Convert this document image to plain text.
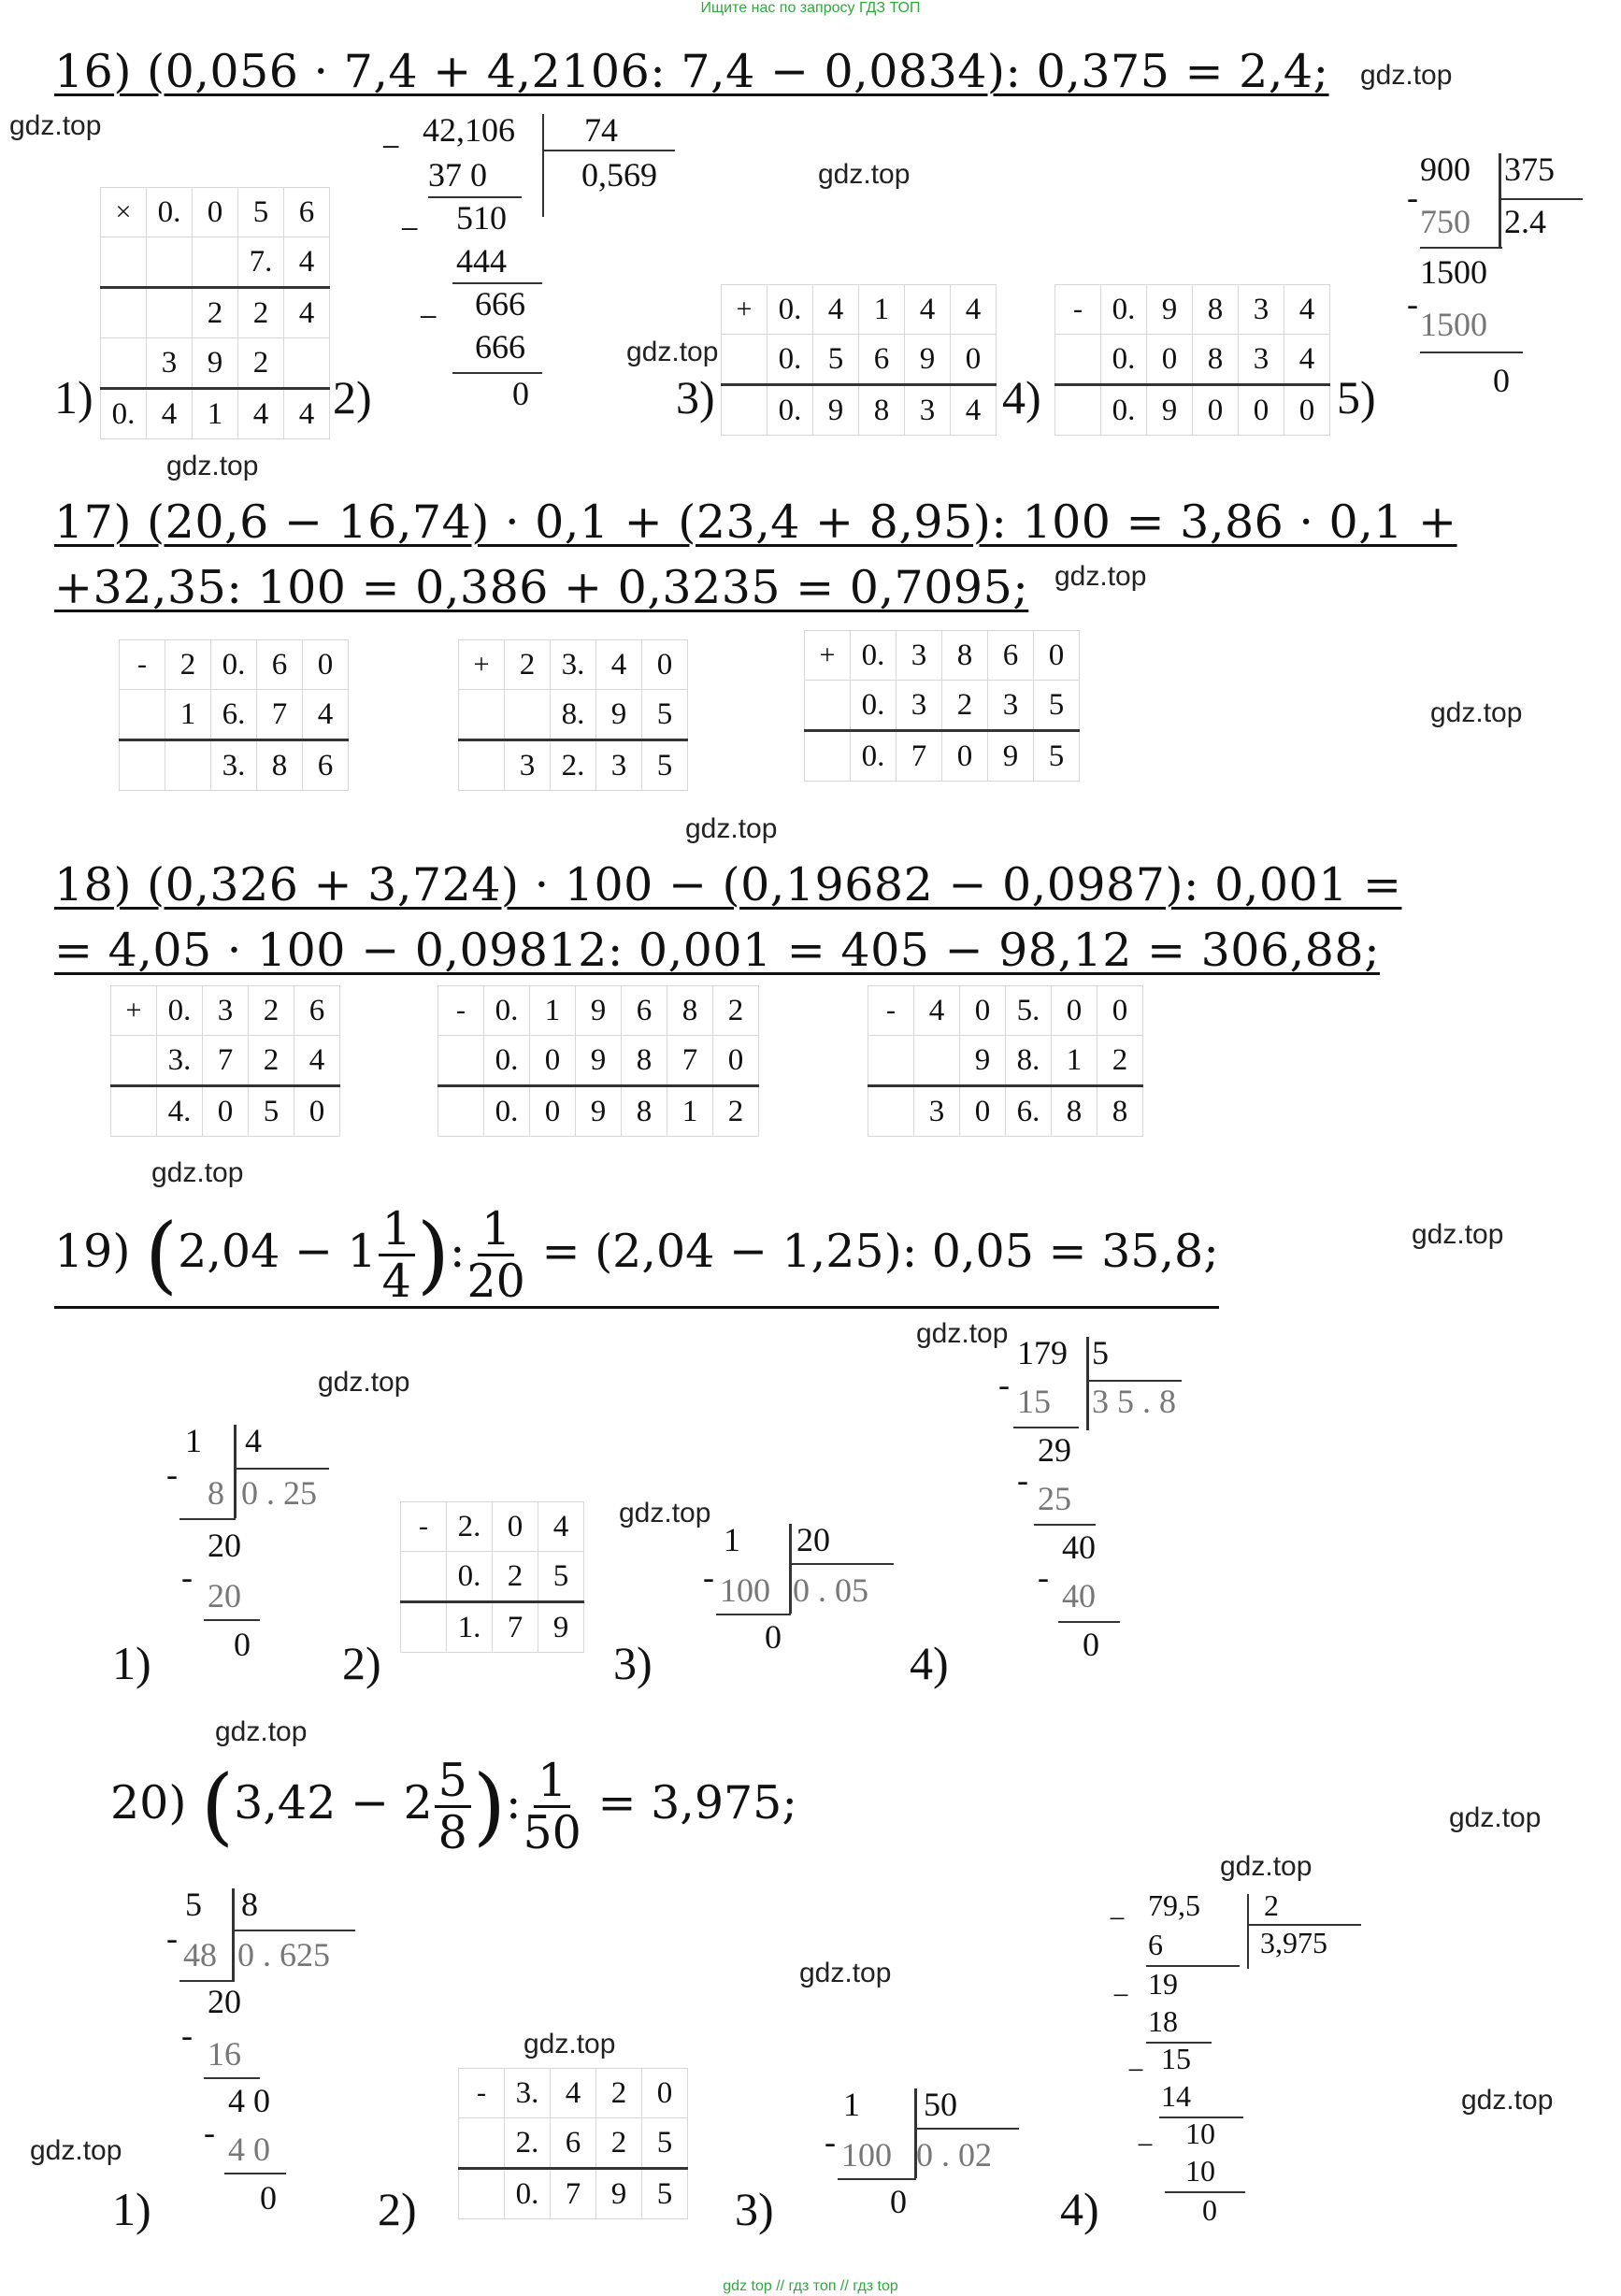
Ищите нас по запросу ГДЗ ТОП
gdz.top
gdz.top
gdz.top
gdz.top
gdz.top
gdz.top
gdz.top
gdz.top
gdz.top
gdz.top
gdz.top
gdz.top
gdz.top
gdz.top
gdz.top
gdz.top
gdz.top
gdz.top
gdz.top
gdz.top
16) (0,056 · 7,4 + 4,2106: 7,4 − 0,0834): 0,375 = 2,4;
1)
×	0.	0	5	6
			7.	4
		2	2	4
	3	9	2	
0.	4	1	4	4 2)
− 42,106 74
0,569
37 0
− 510
444
− 666
666
0	3)
+	0.	4	1	4	4
	0.	5	6	9	0
	0.	9	8	3	4 4)
-	0.	9	8	3	4
	0.	0	8	3	4
	0.	9	0	0	0 5)
900 375
2.4
-
750
1500
-
1500
0
17) (20,6 − 16,74) · 0,1 + (23,4 + 8,95): 100 = 3,86 · 0,1 +
+32,35: 100 = 0,386 + 0,3235 = 0,7095;
-	2	0.	6	0
	1	6.	7	4
		3.	8	6
+	2	3.	4	0
		8.	9	5
	3	2.	3	5
+	0.	3	8	6	0
	0.	3	2	3	5
	0.	7	0	9	5
18) (0,326 + 3,724) · 100 − (0,19682 − 0,0987): 0,001 =
= 4,05 · 100 − 0,09812: 0,001 = 405 − 98,12 = 306,88;
+	0.	3	2	6
	3.	7	2	4
	4.	0	5	0
-	0.	1	9	6	8	2
	0.	0	9	8	7	0
	0.	0	9	8	1	2
-	4	0	5.	0	0
		9	8.	1	2
	3	0	6.	8	8
19) ($2,04 - 1 \frac{1}{4}$ ): $\frac{1}{20} = (2,04 - 1,25)$: 0,05 = 35,8;
1)
1 4
- 8 0 . 25
20
- 20
0 2)
-	2.	0	4
	0.	2	5
	1.	7	9
3)
1 20
- 100 0 . 05
0	4)
179 5
- 15 3 5 . 8
29
- 25
40
- 40
0
20) ($3,42 - 2 \frac{5}{8}$ ): $\frac{1}{50} = 3,975$;
1)
5 8
- 48 0 . 625
20
- 16
4 0
- 4 0
0 2)
-	3.	4	2	0
	2.	6	2	5
	0.	7	9	5 3)
1 50
- 100 0 . 02
0	4)
− 79,5 2
3,975
6
− 19
18
− 15
14
− 10
10
0
gdz top // гдз топ // гдз top
